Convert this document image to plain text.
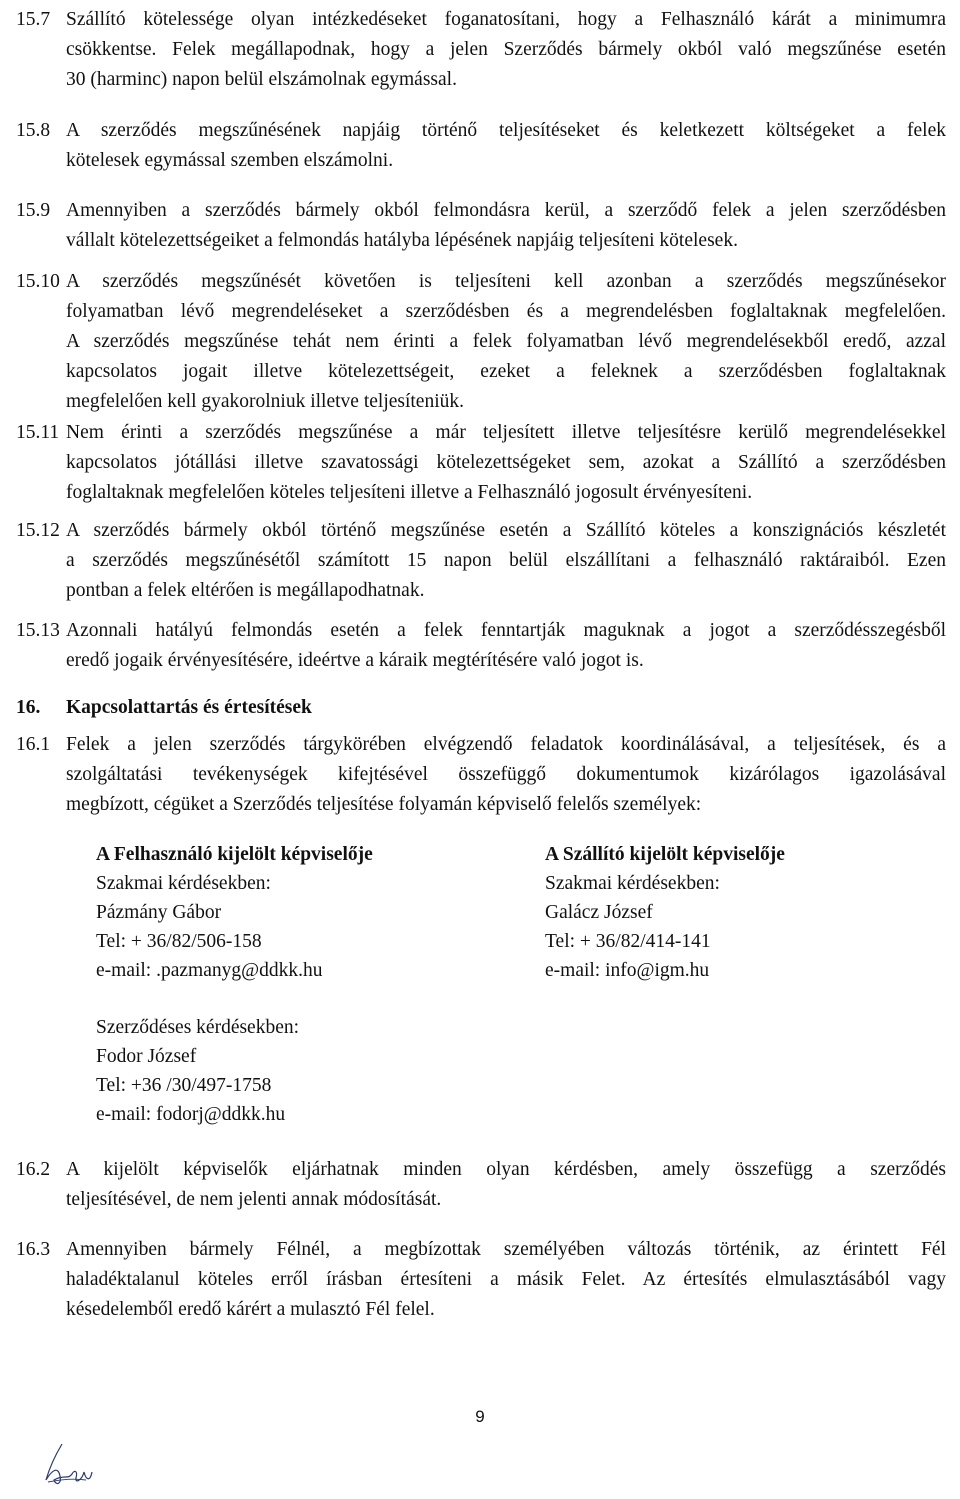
15.7 Szállító kötelessége olyan intézkedéseket foganatosítani, hogy a Felhasználó kárát a minimumra
csökkentse. Felek megállapodnak, hogy a jelen Szerződés bármely okból való megszűnése esetén
30 (harminc) napon belül elszámolnak egymással.
15.8 A szerződés megszűnésének napjáig történő teljesítéseket és keletkezett költségeket a felek
kötelesek egymással szemben elszámolni.
15.9 Amennyiben a szerződés bármely okból felmondásra kerül, a szerződő felek a jelen szerződésben
vállalt kötelezettségeiket a felmondás hatályba lépésének napjáig teljesíteni kötelesek.
15.10 A szerződés megszűnését követően is teljesíteni kell azonban a szerződés megszűnésekor
folyamatban lévő megrendeléseket a szerződésben és a megrendelésben foglaltaknak megfelelően.
A szerződés megszűnése tehát nem érinti a felek folyamatban lévő megrendelésekből eredő, azzal
kapcsolatos jogait illetve kötelezettségeit, ezeket a feleknek a szerződésben foglaltaknak
megfelelően kell gyakorolniuk illetve teljesíteniük.
15.11 Nem érinti a szerződés megszűnése a már teljesített illetve teljesítésre kerülő megrendelésekkel
kapcsolatos jótállási illetve szavatossági kötelezettségeket sem, azokat a Szállító a szerződésben
foglaltaknak megfelelően köteles teljesíteni illetve a Felhasználó jogosult érvényesíteni.
15.12 A szerződés bármely okból történő megszűnése esetén a Szállító köteles a konszignációs készletét
a szerződés megszűnésétől számított 15 napon belül elszállítani a felhasználó raktáraiból. Ezen
pontban a felek eltérően is megállapodhatnak.
15.13 Azonnali hatályú felmondás esetén a felek fenntartják maguknak a jogot a szerződésszegésből
eredő jogaik érvényesítésére, ideértve a káraik megtérítésére való jogot is.
16. Kapcsolattartás és értesítések
16.1 Felek a jelen szerződés tárgykörében elvégzendő feladatok koordinálásával, a teljesítések, és a
szolgáltatási tevékenységek kifejtésével összefüggő dokumentumok kizárólagos igazolásával
megbízott, cégüket a Szerződés teljesítése folyamán képviselő felelős személyek:
A Felhasználó kijelölt képviselője
Szakmai kérdésekben:
Pázmány Gábor
Tel: + 36/82/506-158
e-mail: .pazmanyg@ddkk.hu
A Szállító kijelölt képviselője
Szakmai kérdésekben:
Galácz József
Tel: + 36/82/414-141
e-mail: info@igm.hu
Szerződéses kérdésekben:
Fodor József
Tel: +36 /30/497-1758
e-mail: fodorj@ddkk.hu
16.2 A kijelölt képviselők eljárhatnak minden olyan kérdésben, amely összefügg a szerződés
teljesítésével, de nem jelenti annak módosítását.
16.3 Amennyiben bármely Félnél, a megbízottak személyében változás történik, az érintett Fél
haladéktalanul köteles erről írásban értesíteni a másik Felet. Az értesítés elmulasztásából vagy
késedelemből eredő kárért a mulasztó Fél felel.
9
